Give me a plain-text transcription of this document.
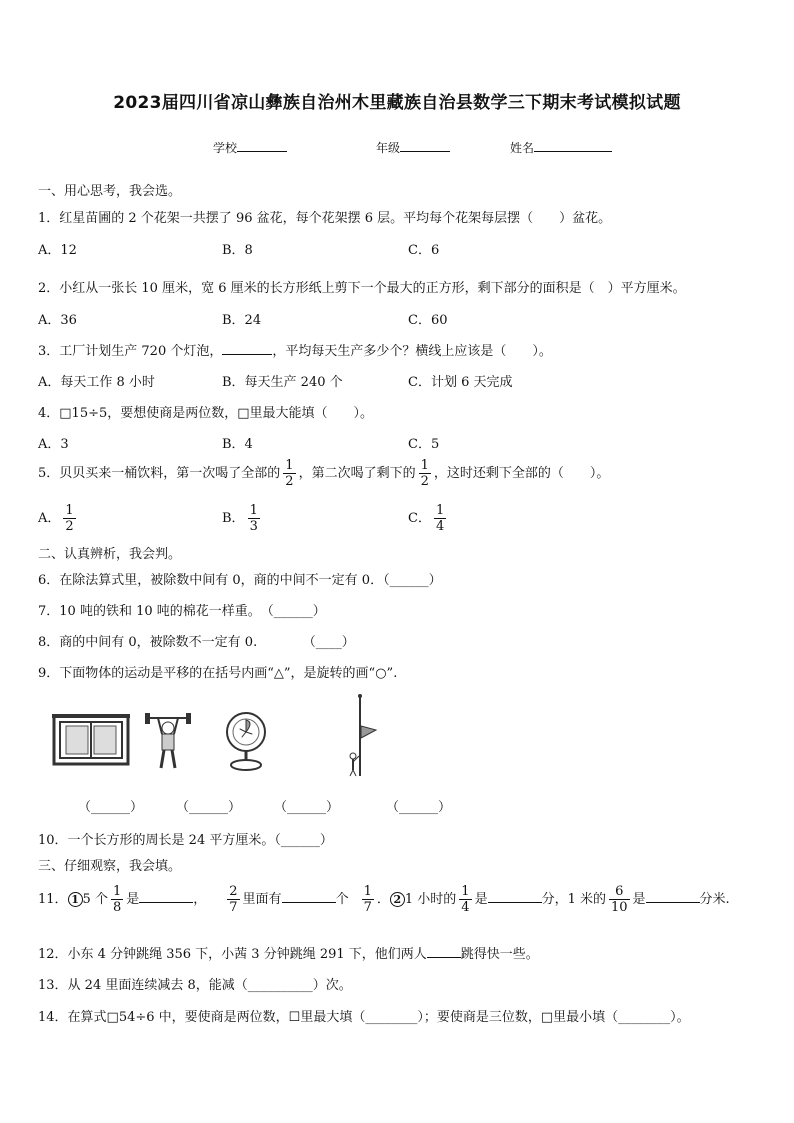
2023届四川省凉山彝族自治州木里藏族自治县数学三下期末考试模拟试题
学校	年级	姓名
一、用心思考，我会选。
1．红星苗圃的 2 个花架一共摆了 96 盆花，每个花架摆 6 层。平均每个花架每层摆（　　）盆花。
A．12	B．8	C．6
2．小红从一张长 10 厘米，宽 6 厘米的长方形纸上剪下一个最大的正方形，剩下部分的面积是（　）平方厘米。
A．36	B．24	C．60
3．工厂计划生产 720 个灯泡，	，平均每天生产多少个？横线上应该是（　　）。
A．每天工作 8 小时	B．每天生产 240 个	C．计划 6 天完成
4．□15÷5，要想使商是两位数，□里最大能填（　　）。
A．3	B．4	C．5
5．贝贝买来一桶饮料，第一次喝了全部的 $\frac{1}{2}$ ，第二次喝了剩下的 $\frac{1}{2}$ ，这时还剩下全部的（　　）。
A． $\frac{1}{2}$	B． $\frac{1}{3}$	C． $\frac{1}{4}$
二、认真辨析，我会判。
6．在除法算式里，被除数中间有 0，商的中间不一定有 0．（______）
7．10 吨的铁和 10 吨的棉花一样重。　（______）
8．商的中间有 0，被除数不一定有 0.　　　　（____）
9．下面物体的运动是平移的在括号内画“△”，是旋转的画“○”.
（______）	（______）	（______）	（______）
10．一个长方形的周长是 24 平方厘米。（______）
三、仔细观察，我会填。
11． 1 5 个 $\frac{1}{8}$ 是	， $\frac{2}{7}$ 里面有	个 $\frac{1}{7}$ ． 2 1 小时的 $\frac{1}{4}$ 是	分，1 米的 $\frac{6}{10}$ 是	分米.
12．小东 4 分钟跳绳 356 下，小茜 3 分钟跳绳 291 下，他们两人	跳得快一些。
13．从 24 里面连续减去 8，能减（__________）次。
14．在算式□54÷6 中，要使商是两位数，☐里最大填（________）；要使商是三位数，□里最小填（________）。
